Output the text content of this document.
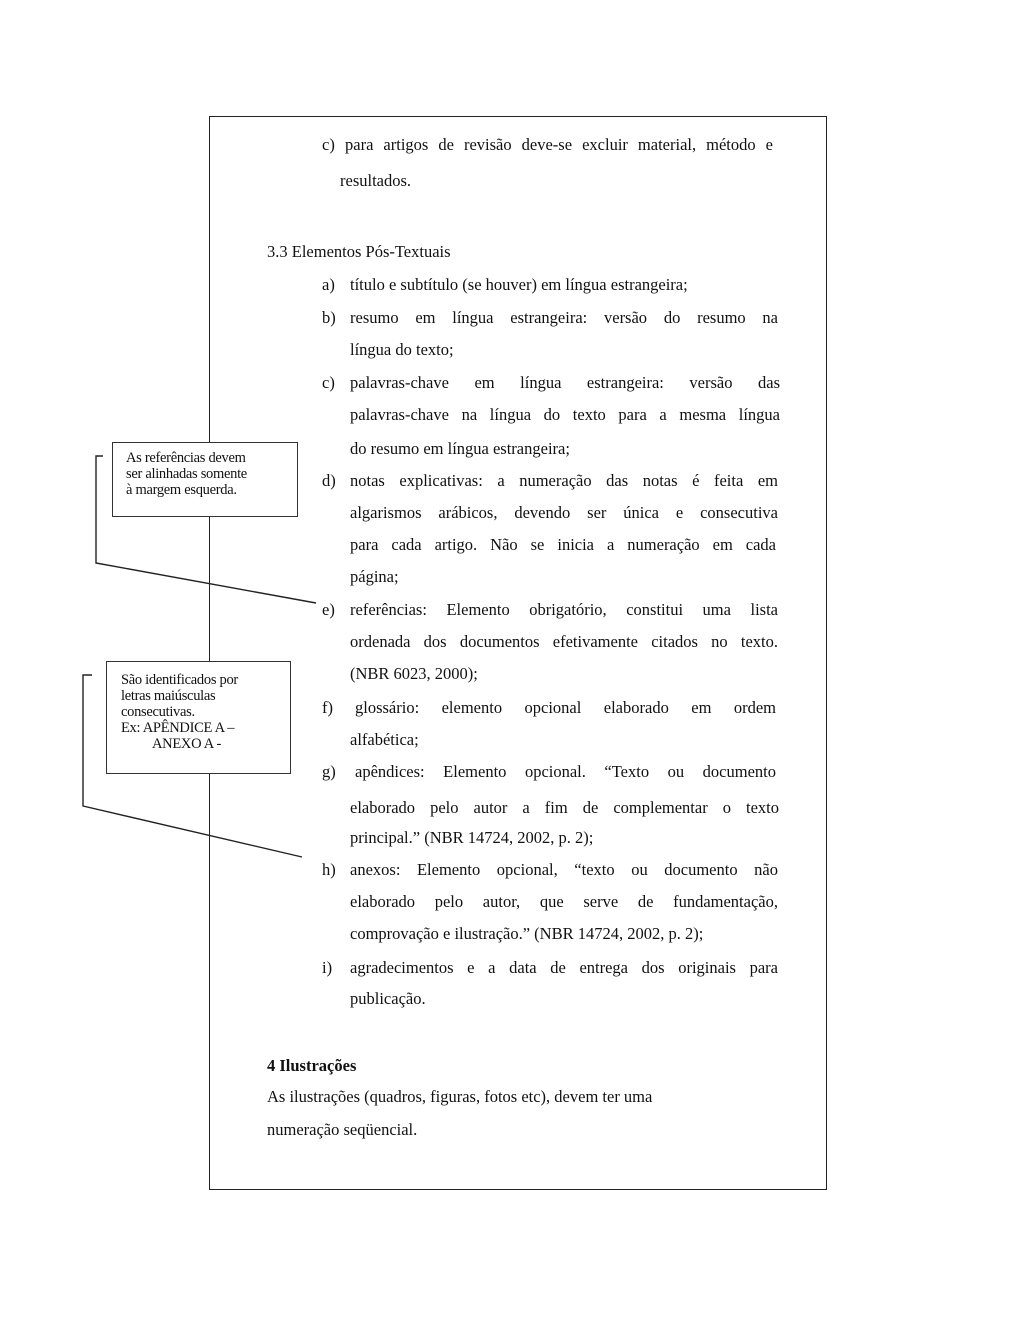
c) para artigos de revisão deve-se excluir material, método e
resultados.
3.3 Elementos Pós-Textuais
a) título e subtítulo (se houver) em língua estrangeira;
b) resumo em língua estrangeira: versão do resumo na
língua do texto;
c) palavras-chave em língua estrangeira: versão das
palavras-chave na língua do texto para a mesma língua
do resumo em língua estrangeira;
d) notas explicativas: a numeração das notas é feita em
algarismos arábicos, devendo ser única e consecutiva
para cada artigo. Não se inicia a numeração em cada
página;
e) referências: Elemento obrigatório, constitui uma lista
ordenada dos documentos efetivamente citados no texto.
(NBR 6023, 2000);
f) glossário: elemento opcional elaborado em ordem
alfabética;
g) apêndices: Elemento opcional. “Texto ou documento
elaborado pelo autor a fim de complementar o texto
principal.” (NBR 14724, 2002, p. 2);
h) anexos: Elemento opcional, “texto ou documento não
elaborado pelo autor, que serve de fundamentação,
comprovação e ilustração.” (NBR 14724, 2002, p. 2);
i) agradecimentos e a data de entrega dos originais para
publicação.
4 Ilustrações
As ilustrações (quadros, figuras, fotos etc), devem ter uma
numeração seqüencial.
As referências devem
ser alinhadas somente
à margem esquerda.
São identificados por
letras maiúsculas
consecutivas.
Ex: APÊNDICE A –
ANEXO A -
